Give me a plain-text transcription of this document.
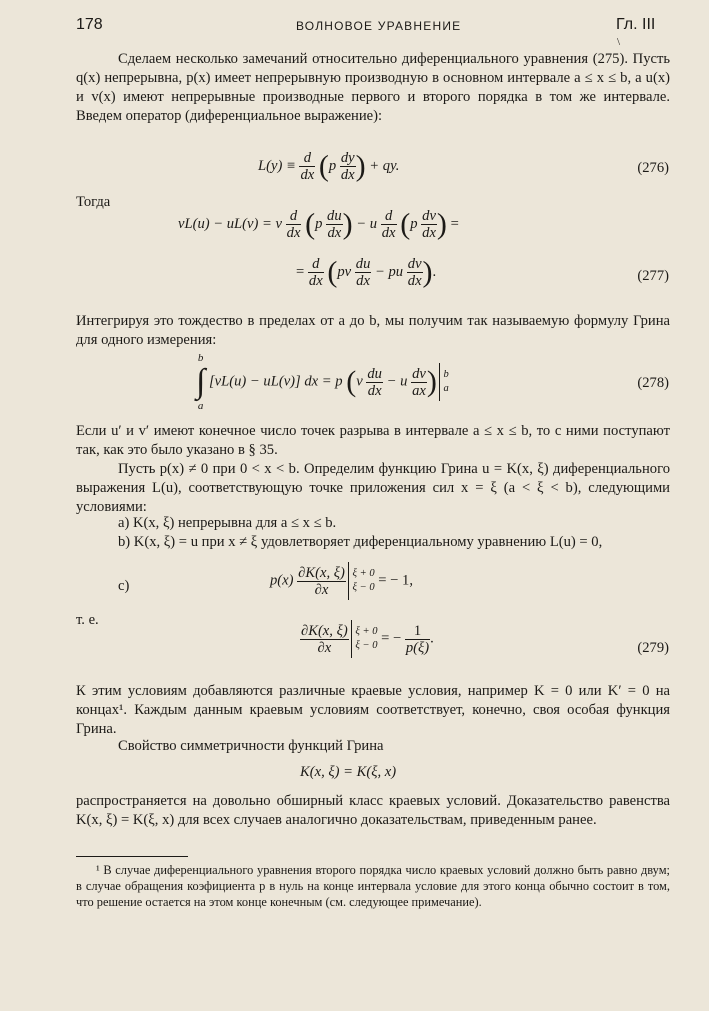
178	ВОЛНОВОЕ УРАВНЕНИЕ	Гл. III
\
Сделаем несколько замечаний относительно диференциального уравнения (275). Пусть q(x) непрерывна, p(x) имеет непрерывную производную в основном интервале a ≤ x ≤ b, а u(x) и v(x) имеют непрерывные производные первого и второго порядка в том же интервале. Введем оператор (диференциальное выражение):
$L(y) \equiv \frac{d}{dx} (p \frac{dy}{dx}$ ) + qy.	(276)
Тогда
vL(u) − uL(v) = v $\frac{d}{dx} (p \frac{du}{dx}$ ) − u $\frac{d}{dx} (p \frac{dv}{dx}$ ) =
= $\frac{d}{dx} (pv \frac{du}{dx}$ − pu $\frac{dv}{dx}$ ).	(277)
Интегрируя это тождество в пределах от a до b, мы получим так называемую формулу Грина для одного измерения:
b
∫
a
[vL(u) − uL(v)] dx = p ($v \frac{du}{dx} - u \frac{dv}{ax}$ ) b
a	(278)
Если u′ и v′ имеют конечное число точек разрыва в интервале a ≤ x ≤ b, то с ними поступают так, как это было указано в § 35.
Пусть p(x) ≠ 0 при 0 < x < b. Определим функцию Грина u = K(x, ξ) диференциального выражения L(u), соответствующую точке приложения сил x = ξ (a < ξ < b), следующими условиями:
a) K(x, ξ) непрерывна для a ≤ x ≤ b.
b) K(x, ξ) = u при x ≠ ξ удовлетворяет диференциальному уравнению L(u) = 0,
c)	$p(x) \frac{\partial K(x, \xi)}{\partial x}$
ξ + 0
ξ − 0 = − 1,
т. е.
$\frac{\partial K(x, \xi)}{\partial x}$
ξ + 0
ξ − 0 = − $\frac{1}{p(\xi)}$ .
(279)
К этим условиям добавляются различные краевые условия, например K = 0 или K′ = 0 на концах¹. Каждым данным краевым условиям соответствует, конечно, своя особая функция Грина.
Свойство симметричности функций Грина
K(x, ξ) = K(ξ, x)
распространяется на довольно обширный класс краевых условий. Доказательство равенства K(x, ξ) = K(ξ, x) для всех случаев аналогично доказательствам, приведенным ранее.
¹ В случае диференциального уравнения второго порядка число краевых условий должно быть равно двум; в случае обращения коэфициента p в нуль на конце интервала условие для этого конца обычно состоит в том, что решение остается на этом конце конечным (см. следующее примечание).
